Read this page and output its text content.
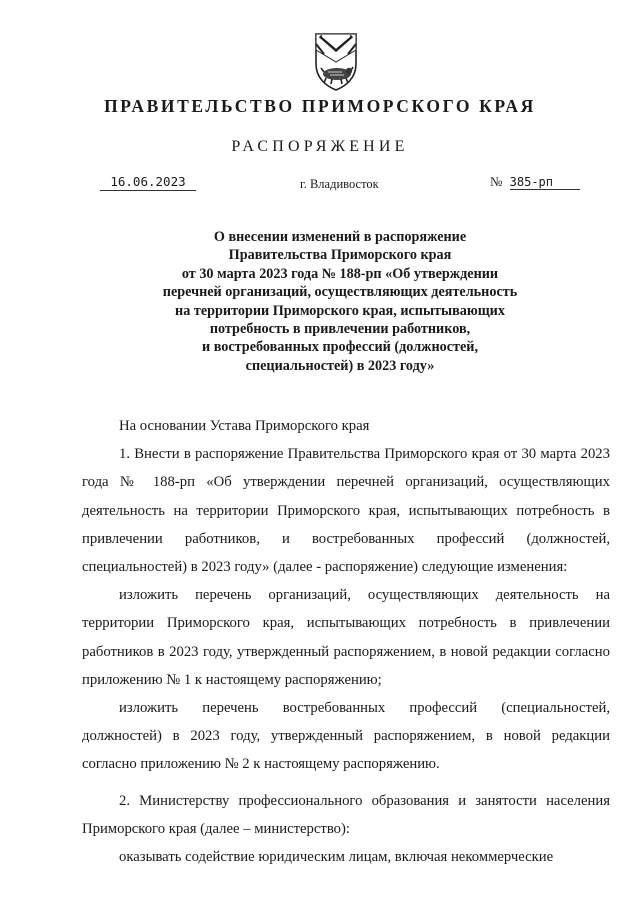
ПРАВИТЕЛЬСТВО ПРИМОРСКОГО КРАЯ
РАСПОРЯЖЕНИЕ
16.06.2023	г. Владивосток	№ 385-рп
О внесении изменений в распоряжение
Правительства Приморского края
от 30 марта 2023 года № 188-рп «Об утверждении
перечней организаций, осуществляющих деятельность
на территории Приморского края, испытывающих
потребность в привлечении работников,
и востребованных профессий (должностей,
специальностей) в 2023 году»

На основании Устава Приморского края

1. Внести в распоряжение Правительства Приморского края от 30 марта 2023 года № 188-рп «Об утверждении перечней организаций, осуществляющих деятельность на территории Приморского края, испытывающих потребность в привлечении работников, и востребованных профессий (должностей, специальностей) в 2023 году» (далее - распоряжение) следующие изменения:

изложить перечень организаций, осуществляющих деятельность на территории Приморского края, испытывающих потребность в привлечении работников в 2023 году, утвержденный распоряжением, в новой редакции согласно приложению № 1 к настоящему распоряжению;

изложить перечень востребованных профессий (специальностей, должностей) в 2023 году, утвержденный распоряжением, в новой редакции согласно приложению № 2 к настоящему распоряжению.

2. Министерству профессионального образования и занятости населения Приморского края (далее – министерство):

оказывать содействие юридическим лицам, включая некоммерческие
